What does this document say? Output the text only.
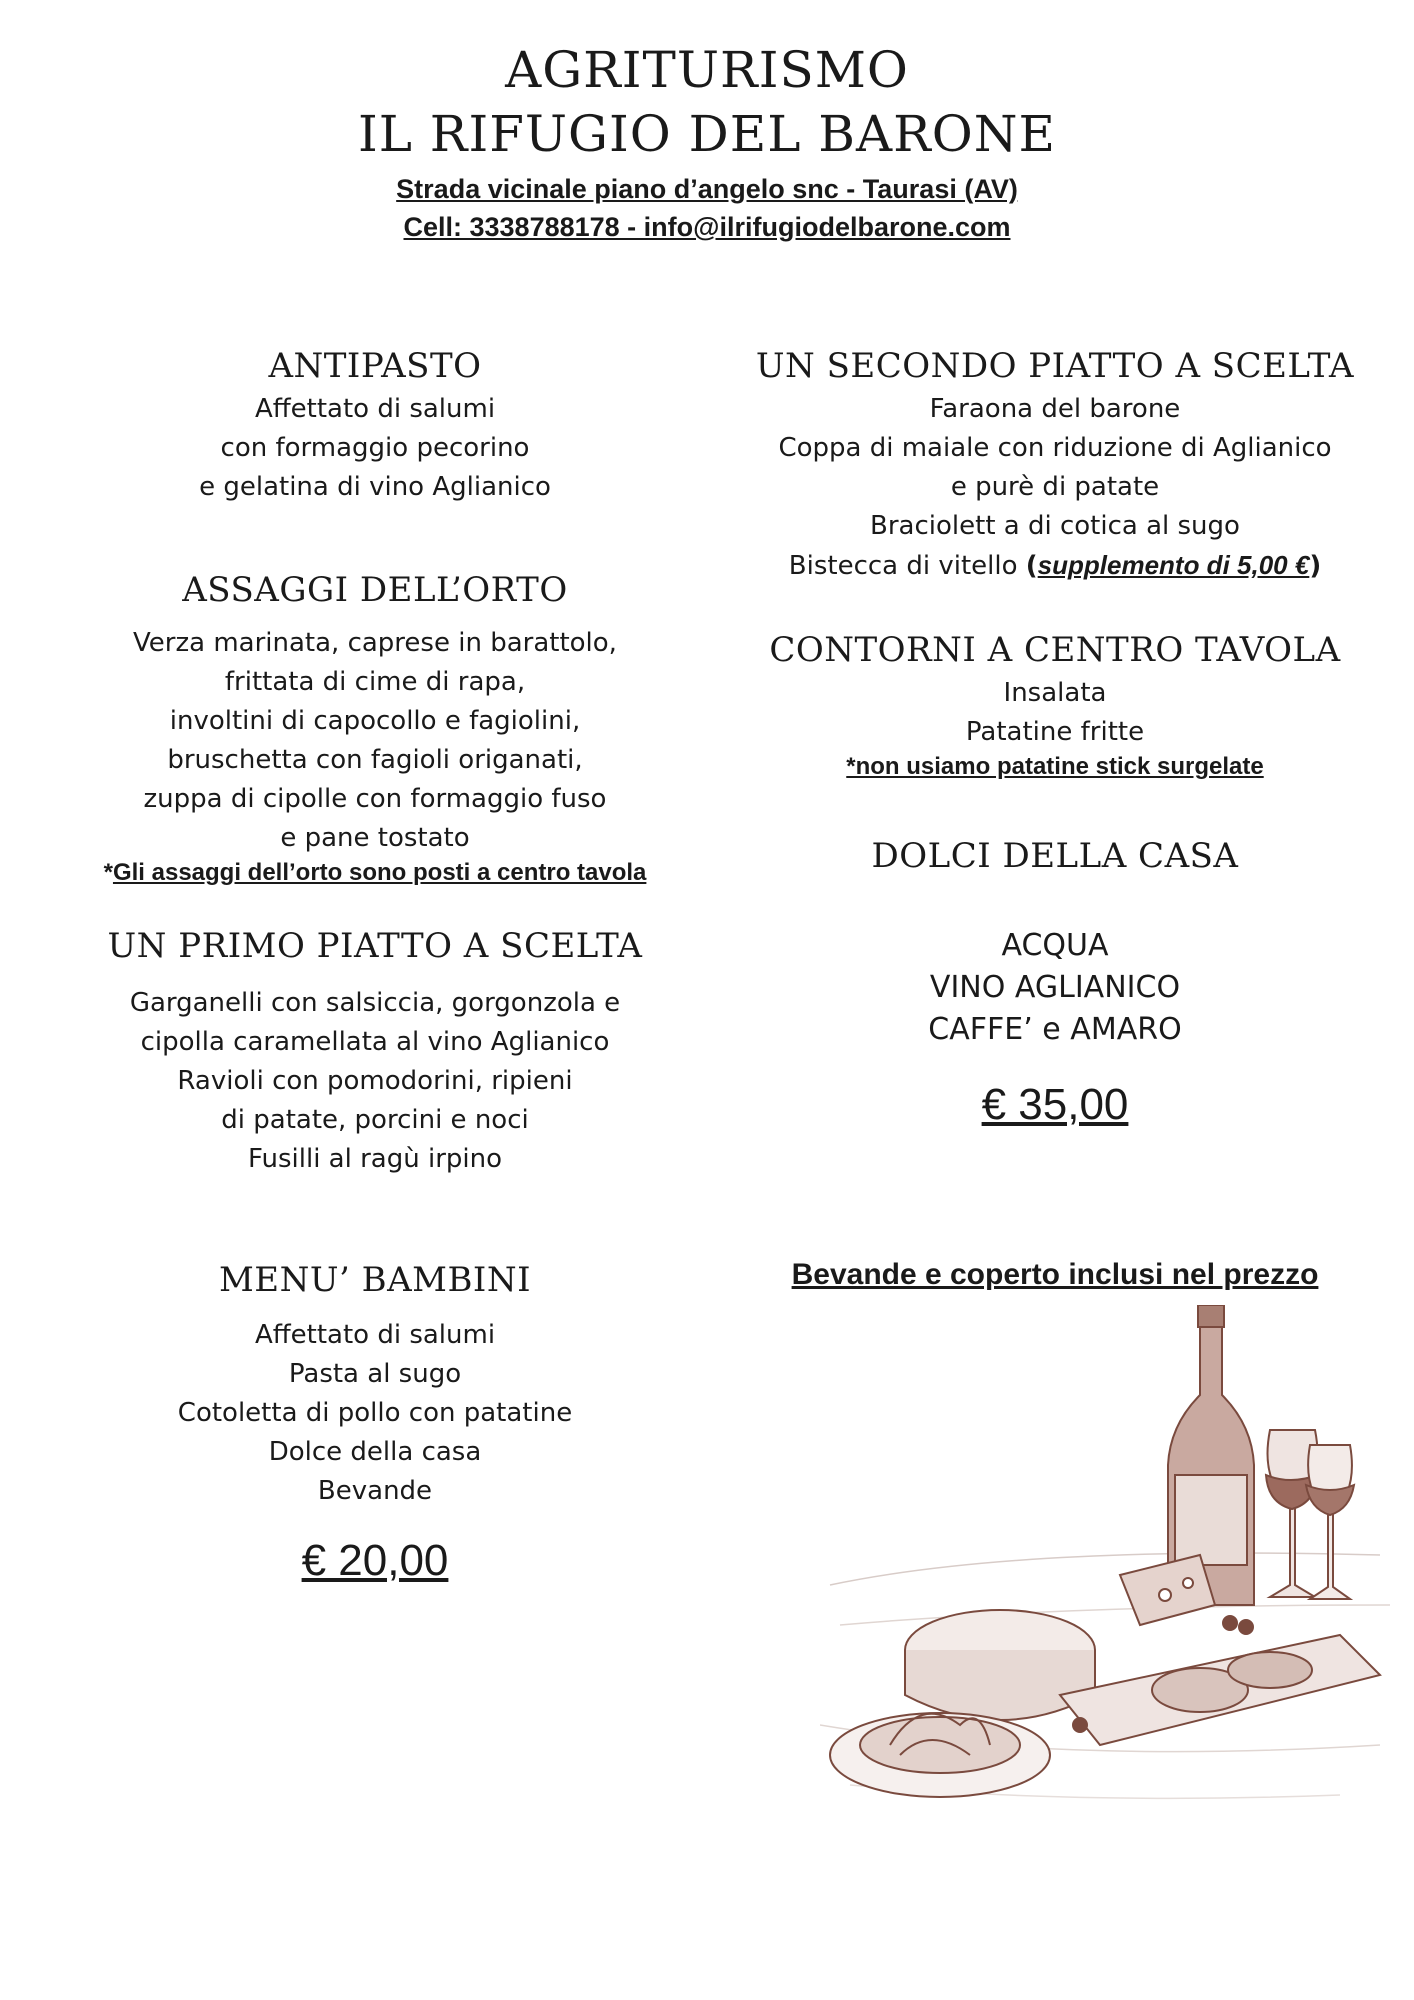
AGRITURISMO
IL RIFUGIO DEL BARONE
Strada vicinale piano d’angelo snc - Taurasi (AV)
Cell: 3338788178 - info@ilrifugiodelbarone.com
ANTIPASTO
Affettato di salumi
con formaggio pecorino
e gelatina di vino Aglianico
ASSAGGI DELL’ORTO
Verza marinata, caprese in barattolo,
frittata di cime di rapa,
involtini di capocollo e fagiolini,
bruschetta con fagioli origanati,
zuppa di cipolle con formaggio fuso
e pane tostato
*Gli assaggi dell’orto sono posti a centro tavola
UN PRIMO PIATTO A SCELTA
Garganelli con salsiccia, gorgonzola e
cipolla caramellata al vino Aglianico
Ravioli con pomodorini, ripieni
di patate, porcini e noci
Fusilli al ragù irpino
MENU’ BAMBINI
Affettato di salumi
Pasta al sugo
Cotoletta di pollo con patatine
Dolce della casa
Bevande
€ 20,00
UN SECONDO PIATTO A SCELTA
Faraona del barone
Coppa di maiale con riduzione di Aglianico
e purè di patate
Braciolett a di cotica al sugo
Bistecca di vitello (supplemento di 5,00 €)
CONTORNI A CENTRO TAVOLA
Insalata
Patatine fritte
*non usiamo patatine stick surgelate
DOLCI DELLA CASA
ACQUA
VINO AGLIANICO
CAFFE’ e AMARO
€ 35,00
Bevande e coperto inclusi nel prezzo
